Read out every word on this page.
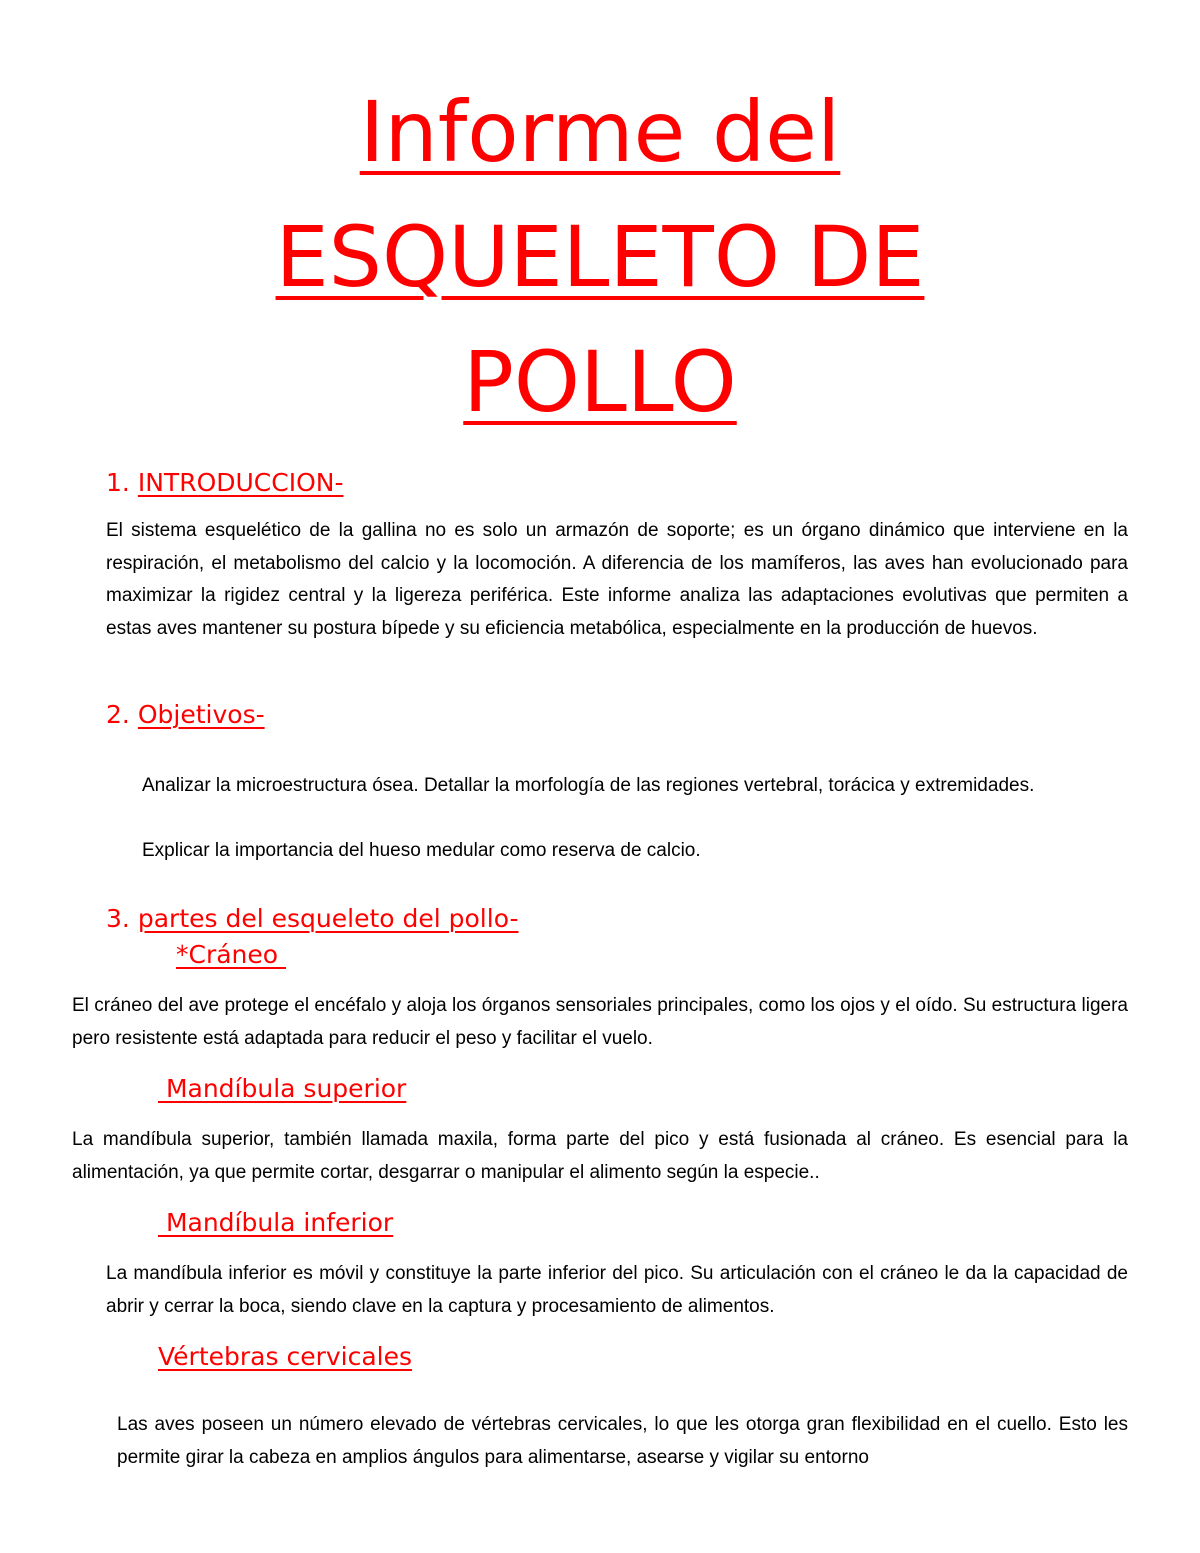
Informe del
ESQUELETO DE
POLLO
1. INTRODUCCION-

El sistema esquelético de la gallina no es solo un armazón de soporte; es un órgano dinámico que interviene en la respiración, el metabolismo del calcio y la locomoción. A diferencia de los mamíferos, las aves han evolucionado para maximizar la rigidez central y la ligereza periférica. Este informe analiza las adaptaciones evolutivas que permiten a estas aves mantener su postura bípede y su eficiencia metabólica, especialmente en la producción de huevos.

2. Objetivos-

Analizar la microestructura ósea. Detallar la morfología de las regiones vertebral, torácica y extremidades.

Explicar la importancia del hueso medular como reserva de calcio.

3. partes del esqueleto del pollo-
*Cráneo

El cráneo del ave protege el encéfalo y aloja los órganos sensoriales principales, como los ojos y el oído. Su estructura ligera pero resistente está adaptada para reducir el peso y facilitar el vuelo.

Mandíbula superior

La mandíbula superior, también llamada maxila, forma parte del pico y está fusionada al cráneo. Es esencial para la alimentación, ya que permite cortar, desgarrar o manipular el alimento según la especie..

Mandíbula inferior

La mandíbula inferior es móvil y constituye la parte inferior del pico. Su articulación con el cráneo le da la capacidad de abrir y cerrar la boca, siendo clave en la captura y procesamiento de alimentos.

Vértebras cervicales

Las aves poseen un número elevado de vértebras cervicales, lo que les otorga gran flexibilidad en el cuello. Esto les permite girar la cabeza en amplios ángulos para alimentarse, asearse y vigilar su entorno
